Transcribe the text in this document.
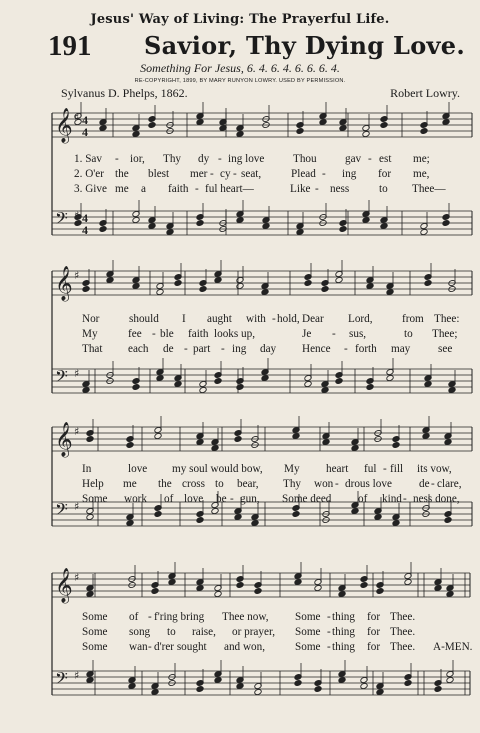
Jesus' Way of Living: The Prayerful Life.
191 Savior, Thy Dying Love.
Something For Jesus, 6. 4. 6. 4. 6. 6. 6. 4.
RE-COPYRIGHT, 1899, BY MARY RUNYON LOWRY. USED BY PERMISSION.
Sylvanus D. Phelps, 1862.	Robert Lowry.
𝄞 ♯ 4
4
𝄢 4
4
1. Sav - ior, Thy dy - ing love	Thou	gav - est me;
2. O'er the blest mer - cy - seat,	Plead - ing for me,
3. Give me a faith - ful heart—	Like - ness	to Thee—
𝄞 ♯
𝄢 ♯
Nor	should I aught with - hold, Dear Lord,	from Thee:
My	fee - ble faith looks up,	Je - sus,	to Thee;
That each de - part - ing day Hence - forth may see
𝄞 ♯
𝄢 ♯
In	love my soul would bow, My heart ful - fill its vow,
Help me the cross to bear, Thy won - drous love de - clare,
Some work of love be - gun, Some deed of kind - ness done,
𝄞 ♯
𝄢 ♯
Some of - f'ring bring Thee now, Some - thing for Thee.
Some song to raise, or prayer, Some - thing for Thee.
Some wan - d'rer sought and won,	Some - thing for Thee. A-MEN.
